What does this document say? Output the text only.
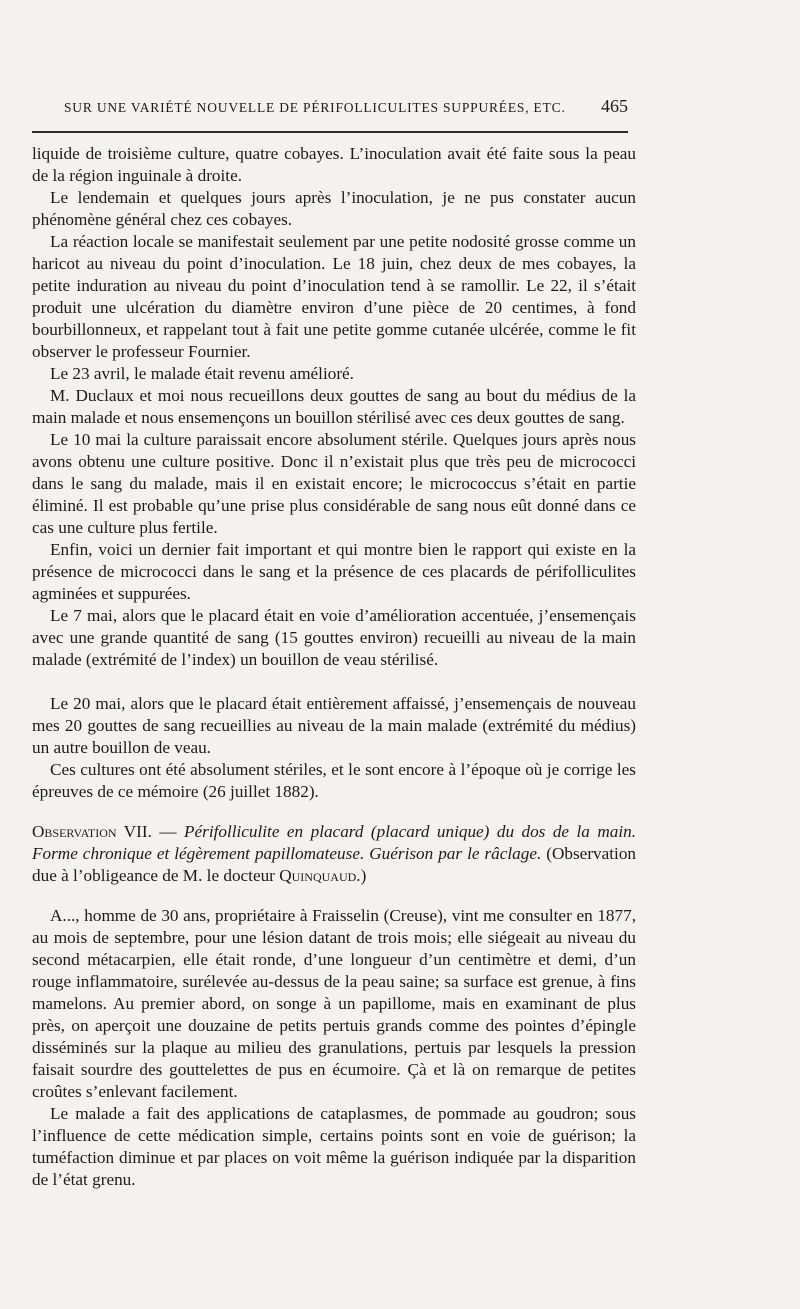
SUR UNE VARIÉTÉ NOUVELLE DE PÉRIFOLLICULITES SUPPURÉES, ETC. 465

liquide de troisième culture, quatre cobayes. L’inoculation avait été faite sous la peau de la région inguinale à droite.

Le lendemain et quelques jours après l’inoculation, je ne pus constater aucun phénomène général chez ces cobayes.

La réaction locale se manifestait seulement par une petite nodosité grosse comme un haricot au niveau du point d’inoculation. Le 18 juin, chez deux de mes cobayes, la petite induration au niveau du point d’inoculation tend à se ramollir. Le 22, il s’était produit une ulcération du diamètre environ d’une pièce de 20 centimes, à fond bourbillonneux, et rappelant tout à fait une petite gomme cutanée ulcérée, comme le fit observer le professeur Fournier.

Le 23 avril, le malade était revenu amélioré.

M. Duclaux et moi nous recueillons deux gouttes de sang au bout du médius de la main malade et nous ensemençons un bouillon stérilisé avec ces deux gouttes de sang.

Le 10 mai la culture paraissait encore absolument stérile. Quelques jours après nous avons obtenu une culture positive. Donc il n’existait plus que très peu de micrococci dans le sang du malade, mais il en existait encore; le micrococcus s’était en partie éliminé. Il est probable qu’une prise plus considérable de sang nous eût donné dans ce cas une culture plus fertile.

Enfin, voici un dernier fait important et qui montre bien le rapport qui existe en la présence de micrococci dans le sang et la présence de ces placards de périfolliculites agminées et suppurées.

Le 7 mai, alors que le placard était en voie d’amélioration accentuée, j’ensemençais avec une grande quantité de sang (15 gouttes environ) recueilli au niveau de la main malade (extrémité de l’index) un bouillon de veau stérilisé.

Le 20 mai, alors que le placard était entièrement affaissé, j’ensemençais de nouveau mes 20 gouttes de sang recueillies au niveau de la main malade (extrémité du médius) un autre bouillon de veau.

Ces cultures ont été absolument stériles, et le sont encore à l’époque où je corrige les épreuves de ce mémoire (26 juillet 1882).

Observation VII. — Périfolliculite en placard (placard unique) du dos de la main. Forme chronique et légèrement papillomateuse. Guérison par le râclage. (Observation due à l’obligeance de M. le docteur Quinquaud.)

A..., homme de 30 ans, propriétaire à Fraisselin (Creuse), vint me consulter en 1877, au mois de septembre, pour une lésion datant de trois mois; elle siégeait au niveau du second métacarpien, elle était ronde, d’une longueur d’un centimètre et demi, d’un rouge inflammatoire, surélevée au-dessus de la peau saine; sa surface est grenue, à fins mamelons. Au premier abord, on songe à un papillome, mais en examinant de plus près, on aperçoit une douzaine de petits pertuis grands comme des pointes d’épingle disséminés sur la plaque au milieu des granulations, pertuis par lesquels la pression faisait sourdre des gouttelettes de pus en écumoire. Çà et là on remarque de petites croûtes s’enlevant facilement.

Le malade a fait des applications de cataplasmes, de pommade au goudron; sous l’influence de cette médication simple, certains points sont en voie de guérison; la tuméfaction diminue et par places on voit même la guérison indiquée par la disparition de l’état grenu.
